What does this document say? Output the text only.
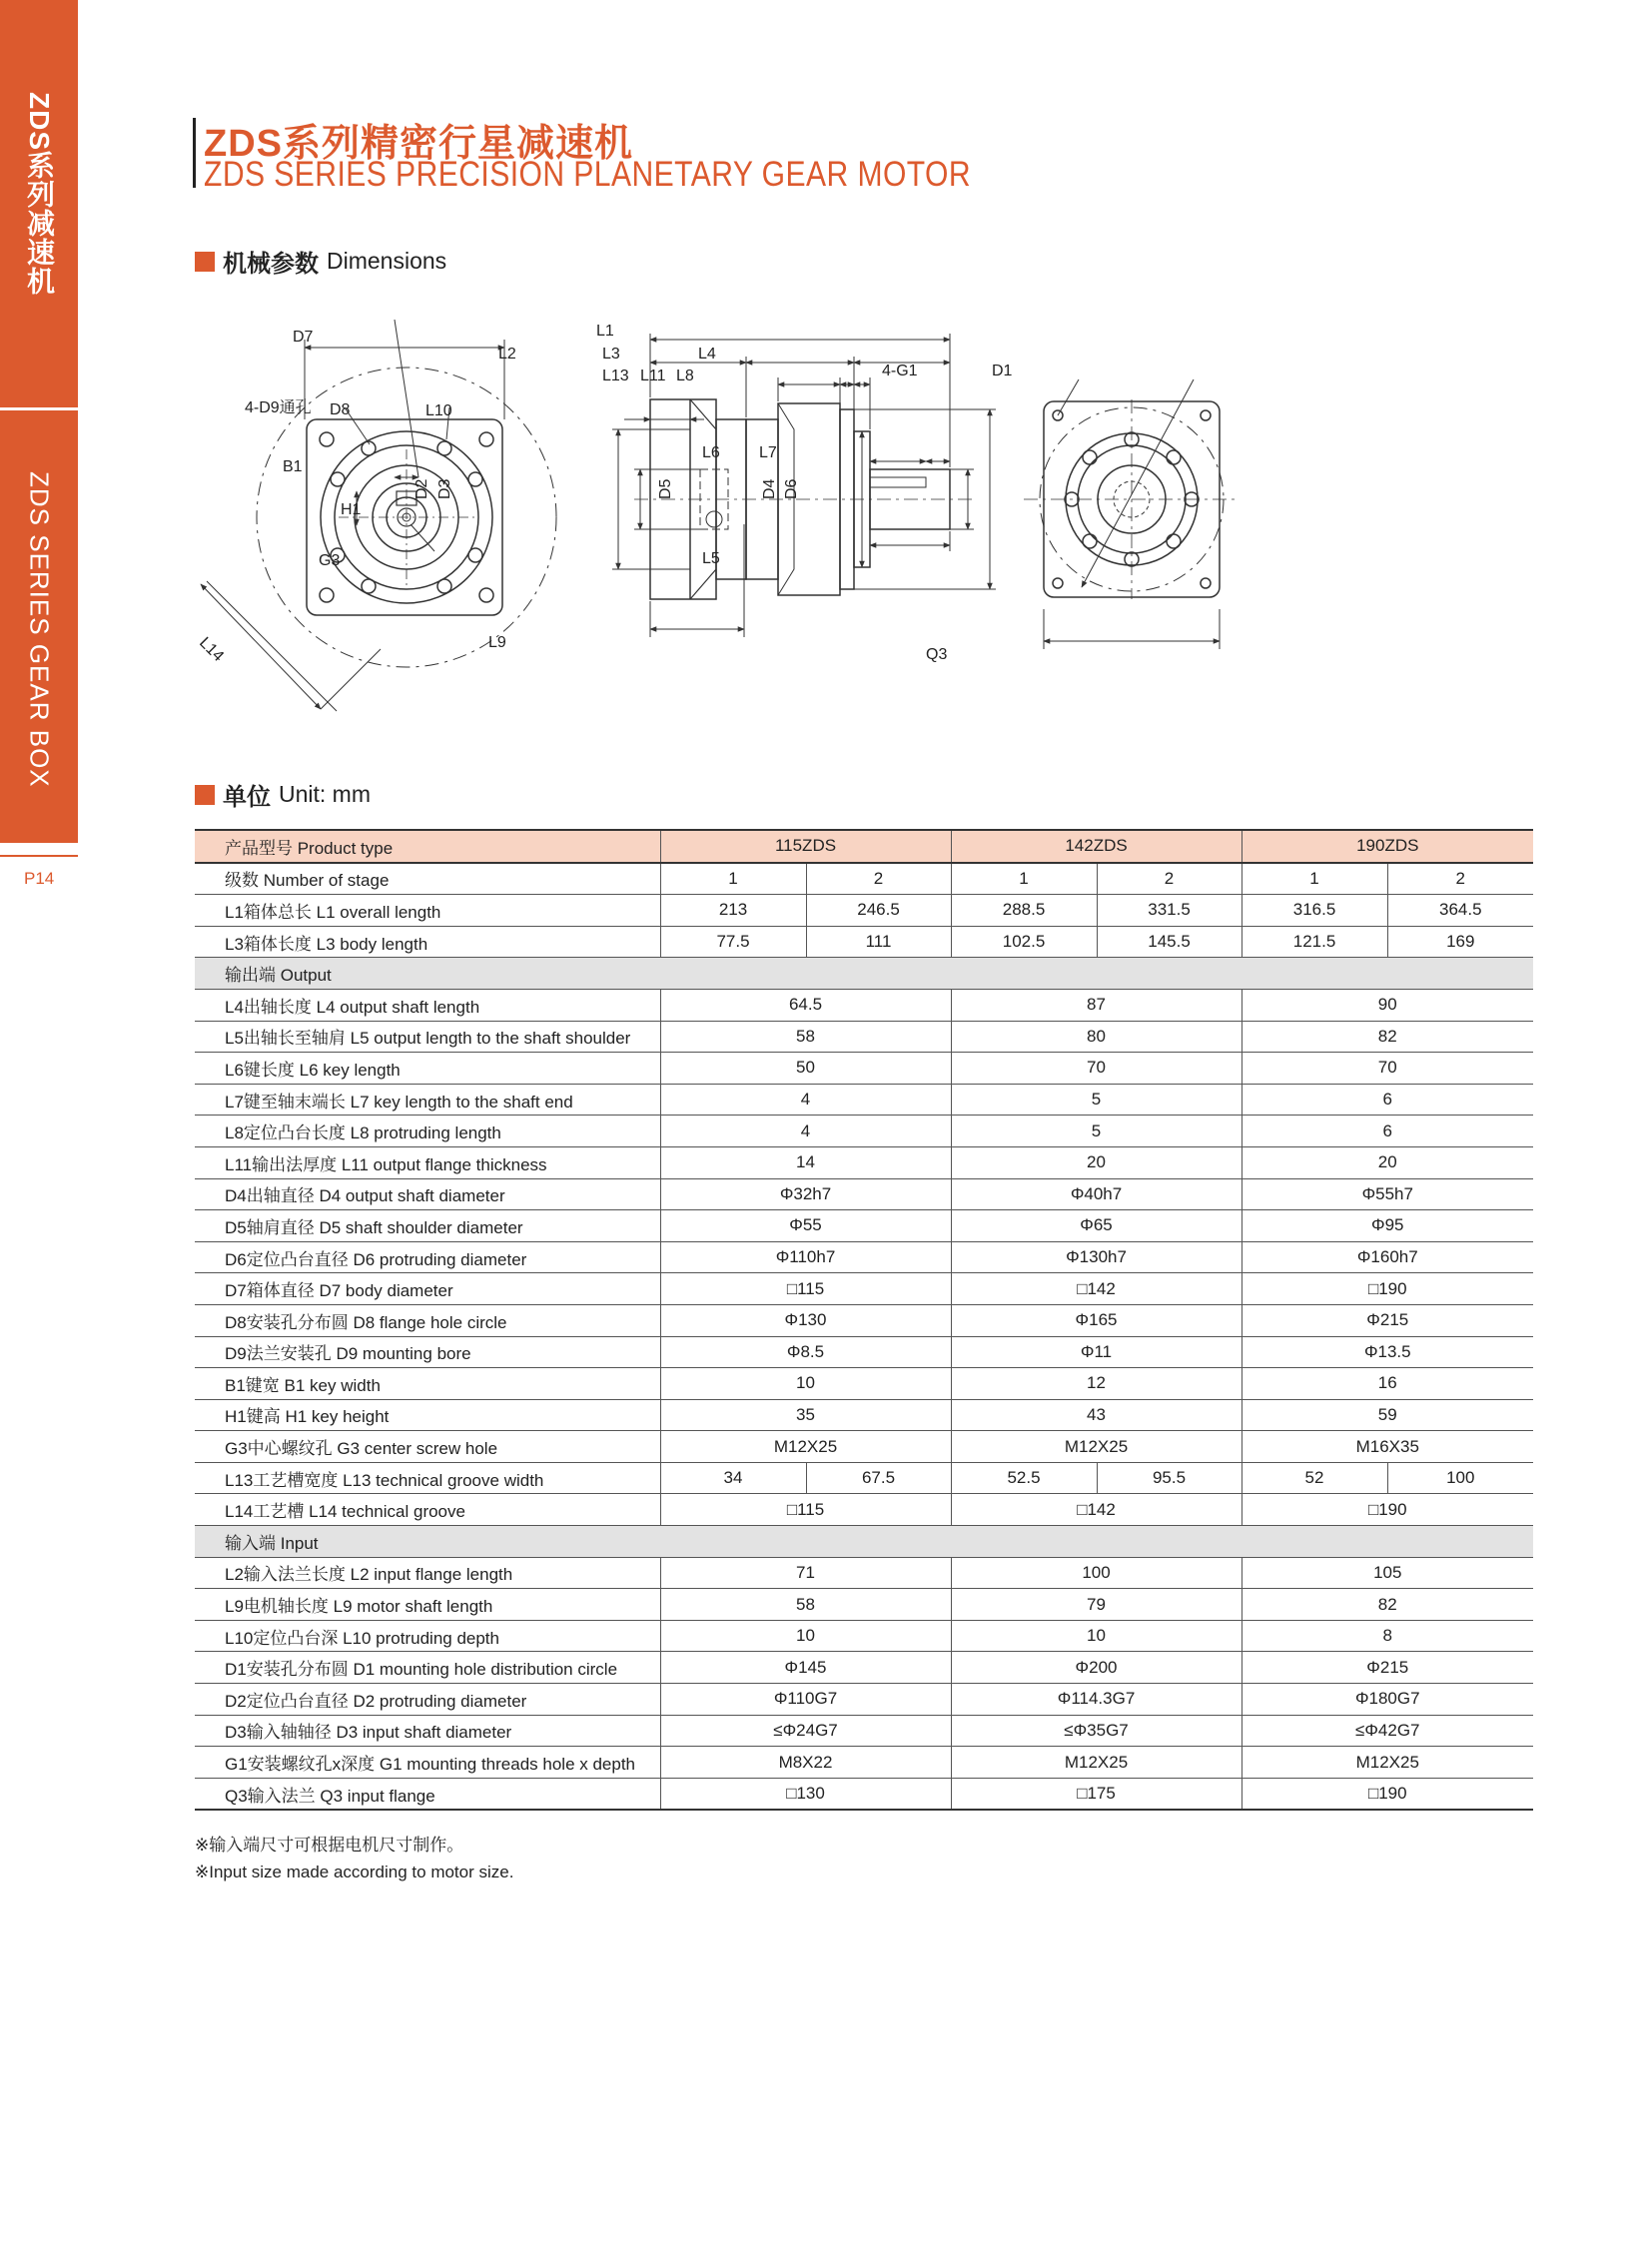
ZDS系列减速机
ZDS SERIES GEAR BOX
P14
ZDS系列精密行星减速机
ZDS SERIES PRECISION PLANETARY GEAR MOTOR
机械参数 Dimensions
D7
4-D9通孔 D8
B1
H1
G3
L14
L1
L2	L3	L4
L13 L11 L8
L10
L6 L7
L5
L9
D2 D3	D5	D4 D6
4-G1	D1
Q3
单位 Unit: mm
产品型号 Product type	115ZDS		142ZDS		190ZDS	
级数 Number of stage	1	2	1	2	1	2
L1箱体总长 L1 overall length	213	246.5	288.5	331.5	316.5	364.5
L3箱体长度 L3 body length	77.5	111	102.5	145.5	121.5	169
输出端 Output						
L4出轴长度 L4 output shaft length	64.5		87		90	
L5出轴长至轴肩 L5 output length to the shaft shoulder	58		80		82	
L6键长度 L6 key length	50		70		70	
L7键至轴末端长 L7 key length to the shaft end	4		5		6	
L8定位凸台长度 L8 protruding length	4		5		6	
L11输出法厚度 L11 output flange thickness	14		20		20	
D4出轴直径 D4 output shaft diameter	Φ32h7		Φ40h7		Φ55h7	
D5轴肩直径 D5 shaft shoulder diameter	Φ55		Φ65		Φ95	
D6定位凸台直径 D6 protruding diameter	Φ110h7		Φ130h7		Φ160h7	
D7箱体直径 D7 body diameter	□115		□142		□190	
D8安装孔分布圆 D8 flange hole circle	Φ130		Φ165		Φ215	
D9法兰安装孔 D9 mounting bore	Φ8.5		Φ11		Φ13.5	
B1键宽 B1 key width	10		12		16	
H1键高 H1 key height	35		43		59	
G3中心螺纹孔 G3 center screw hole	M12X25		M12X25		M16X35	
L13工艺槽宽度 L13 technical groove width	34	67.5	52.5	95.5	52	100
L14工艺槽 L14 technical groove	□115		□142		□190	
输入端 Input						
L2输入法兰长度 L2 input flange length	71		100		105	
L9电机轴长度 L9 motor shaft length	58		79		82	
L10定位凸台深 L10 protruding depth	10		10		8	
D1安装孔分布圆 D1 mounting hole distribution circle	Φ145		Φ200		Φ215	
D2定位凸台直径 D2 protruding diameter	Φ110G7		Φ114.3G7		Φ180G7	
D3输入轴轴径 D3 input shaft diameter	≤Φ24G7		≤Φ35G7		≤Φ42G7	
G1安装螺纹孔x深度 G1 mounting threads hole x depth	M8X22		M12X25		M12X25	
Q3输入法兰 Q3 input flange	□130		□175		□190	
※输入端尺寸可根据电机尺寸制作。
※Input size made according to motor size.
